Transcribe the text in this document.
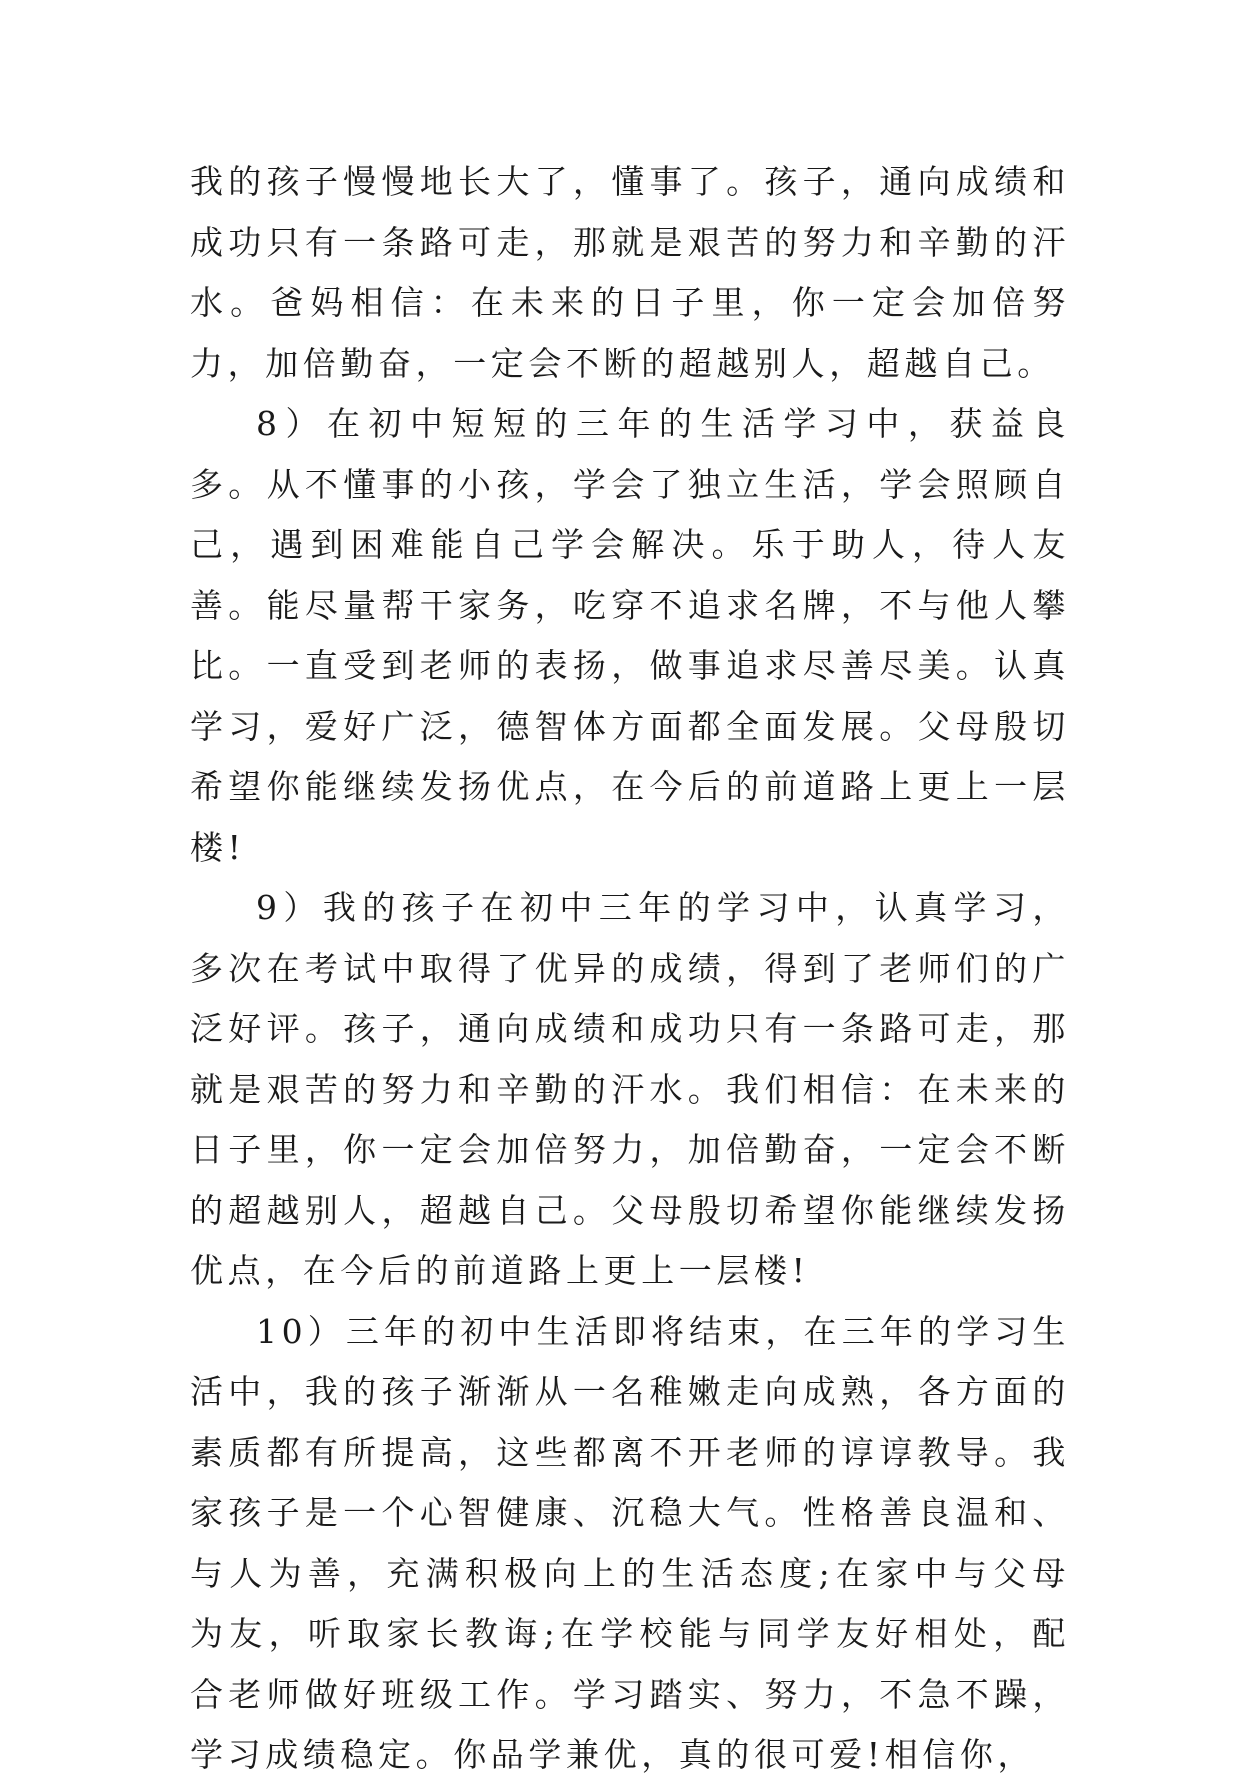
我的孩子慢慢地长大了，懂事了。孩子，通向成绩和成功只有一条路可走，那就是艰苦的努力和辛勤的汗水。爸妈相信：在未来的日子里，你一定会加倍努力，加倍勤奋，一定会不断的超越别人，超越自己。

8）在初中短短的三年的生活学习中，获益良多。从不懂事的小孩，学会了独立生活，学会照顾自己，遇到困难能自己学会解决。乐于助人，待人友善。能尽量帮干家务，吃穿不追求名牌，不与他人攀比。一直受到老师的表扬，做事追求尽善尽美。认真学习，爱好广泛，德智体方面都全面发展。父母殷切希望你能继续发扬优点，在今后的前道路上更上一层楼!

9）我的孩子在初中三年的学习中，认真学习，多次在考试中取得了优异的成绩，得到了老师们的广泛好评。孩子，通向成绩和成功只有一条路可走，那就是艰苦的努力和辛勤的汗水。我们相信：在未来的日子里，你一定会加倍努力，加倍勤奋，一定会不断的超越别人，超越自己。父母殷切希望你能继续发扬优点，在今后的前道路上更上一层楼!

10）三年的初中生活即将结束，在三年的学习生活中，我的孩子渐渐从一名稚嫩走向成熟，各方面的素质都有所提高，这些都离不开老师的谆谆教导。我家孩子是一个心智健康、沉稳大气。性格善良温和、与人为善，充满积极向上的生活态度;在家中与父母为友，听取家长教诲;在学校能与同学友好相处，配合老师做好班级工作。学习踏实、努力，不急不躁，学习成绩稳定。你品学兼优，真的很可爱!相信你，
